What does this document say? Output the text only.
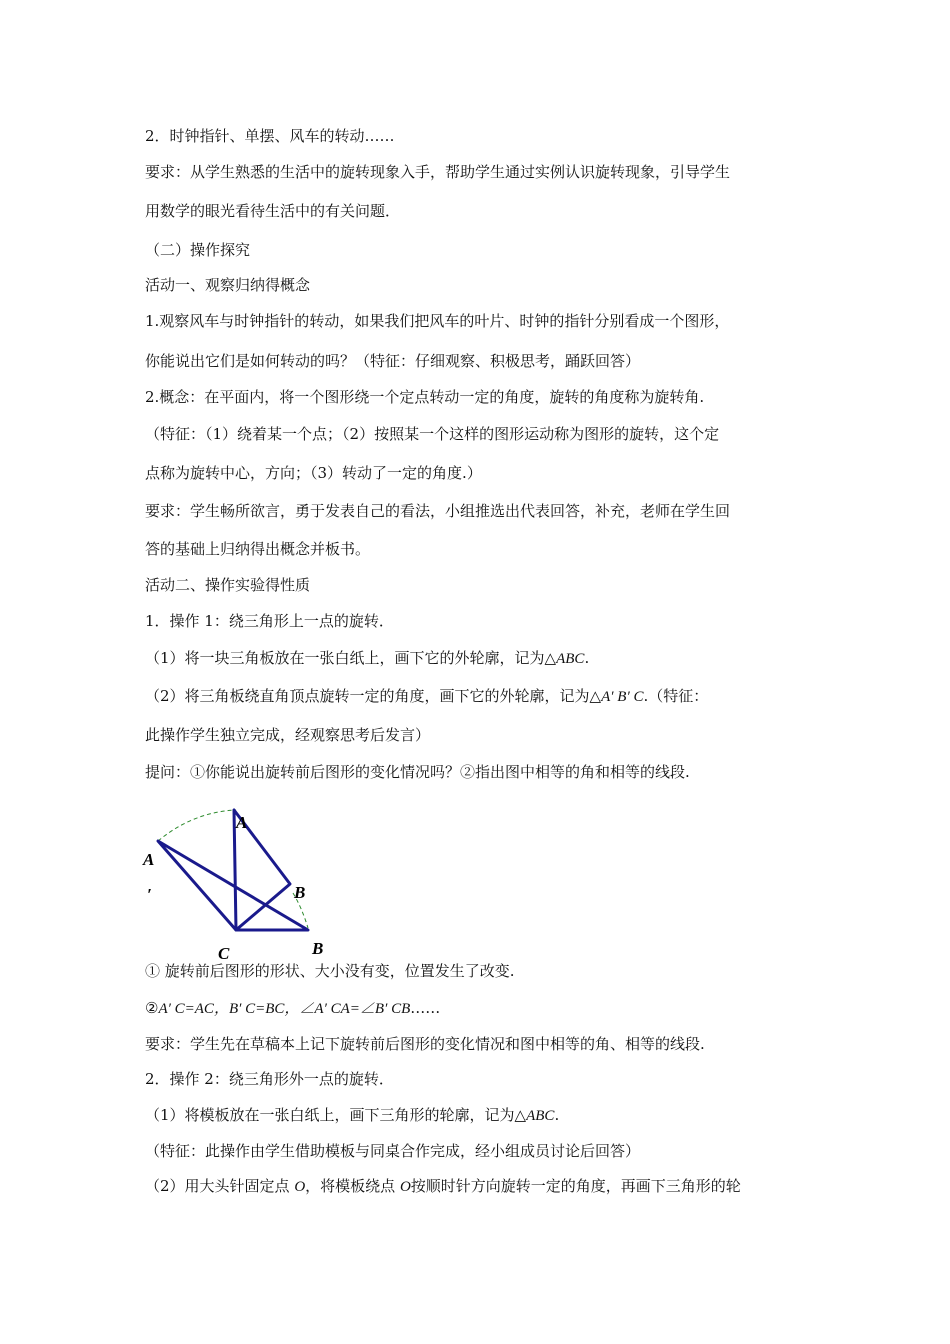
2．时钟指针、单摆、风车的转动……
要求：从学生熟悉的生活中的旋转现象入手，帮助学生通过实例认识旋转现象，引导学生
用数学的眼光看待生活中的有关问题．
（二）操作探究
活动一、观察归纳得概念
1.观察风车与时钟指针的转动，如果我们把风车的叶片、时钟的指针分别看成一个图形，
你能说出它们是如何转动的吗？（特征：仔细观察、积极思考，踊跃回答）
2.概念：在平面内，将一个图形绕一个定点转动一定的角度，旋转的角度称为旋转角.
（特征：（1）绕着某一个点；（2）按照某一个这样的图形运动称为图形的旋转，这个定
点称为旋转中心，方向；（3）转动了一定的角度.）
要求：学生畅所欲言，勇于发表自己的看法，小组推选出代表回答，补充，老师在学生回
答的基础上归纳得出概念并板书。
活动二、操作实验得性质
1．操作 1：绕三角形上一点的旋转．
（1）将一块三角板放在一张白纸上，画下它的外轮廓，记为△ABC.
（2）将三角板绕直角顶点旋转一定的角度，画下它的外轮廓，记为△A′ B′ C.（特征：
此操作学生独立完成，经观察思考后发言）
提问：①你能说出旋转前后图形的变化情况吗？②指出图中相等的角和相等的线段.
A
A
′	B
B
C
① 旋转前后图形的形状、大小没有变，位置发生了改变.
②A′ C=AC，B′ C=BC，∠A′ CA=∠B′ CB……
要求：学生先在草稿本上记下旋转前后图形的变化情况和图中相等的角、相等的线段.
2．操作 2：绕三角形外一点的旋转．
（1）将模板放在一张白纸上，画下三角形的轮廓，记为△ABC.
（特征：此操作由学生借助模板与同桌合作完成，经小组成员讨论后回答）
（2）用大头针固定点 O，将模板绕点 O按顺时针方向旋转一定的角度，再画下三角形的轮
